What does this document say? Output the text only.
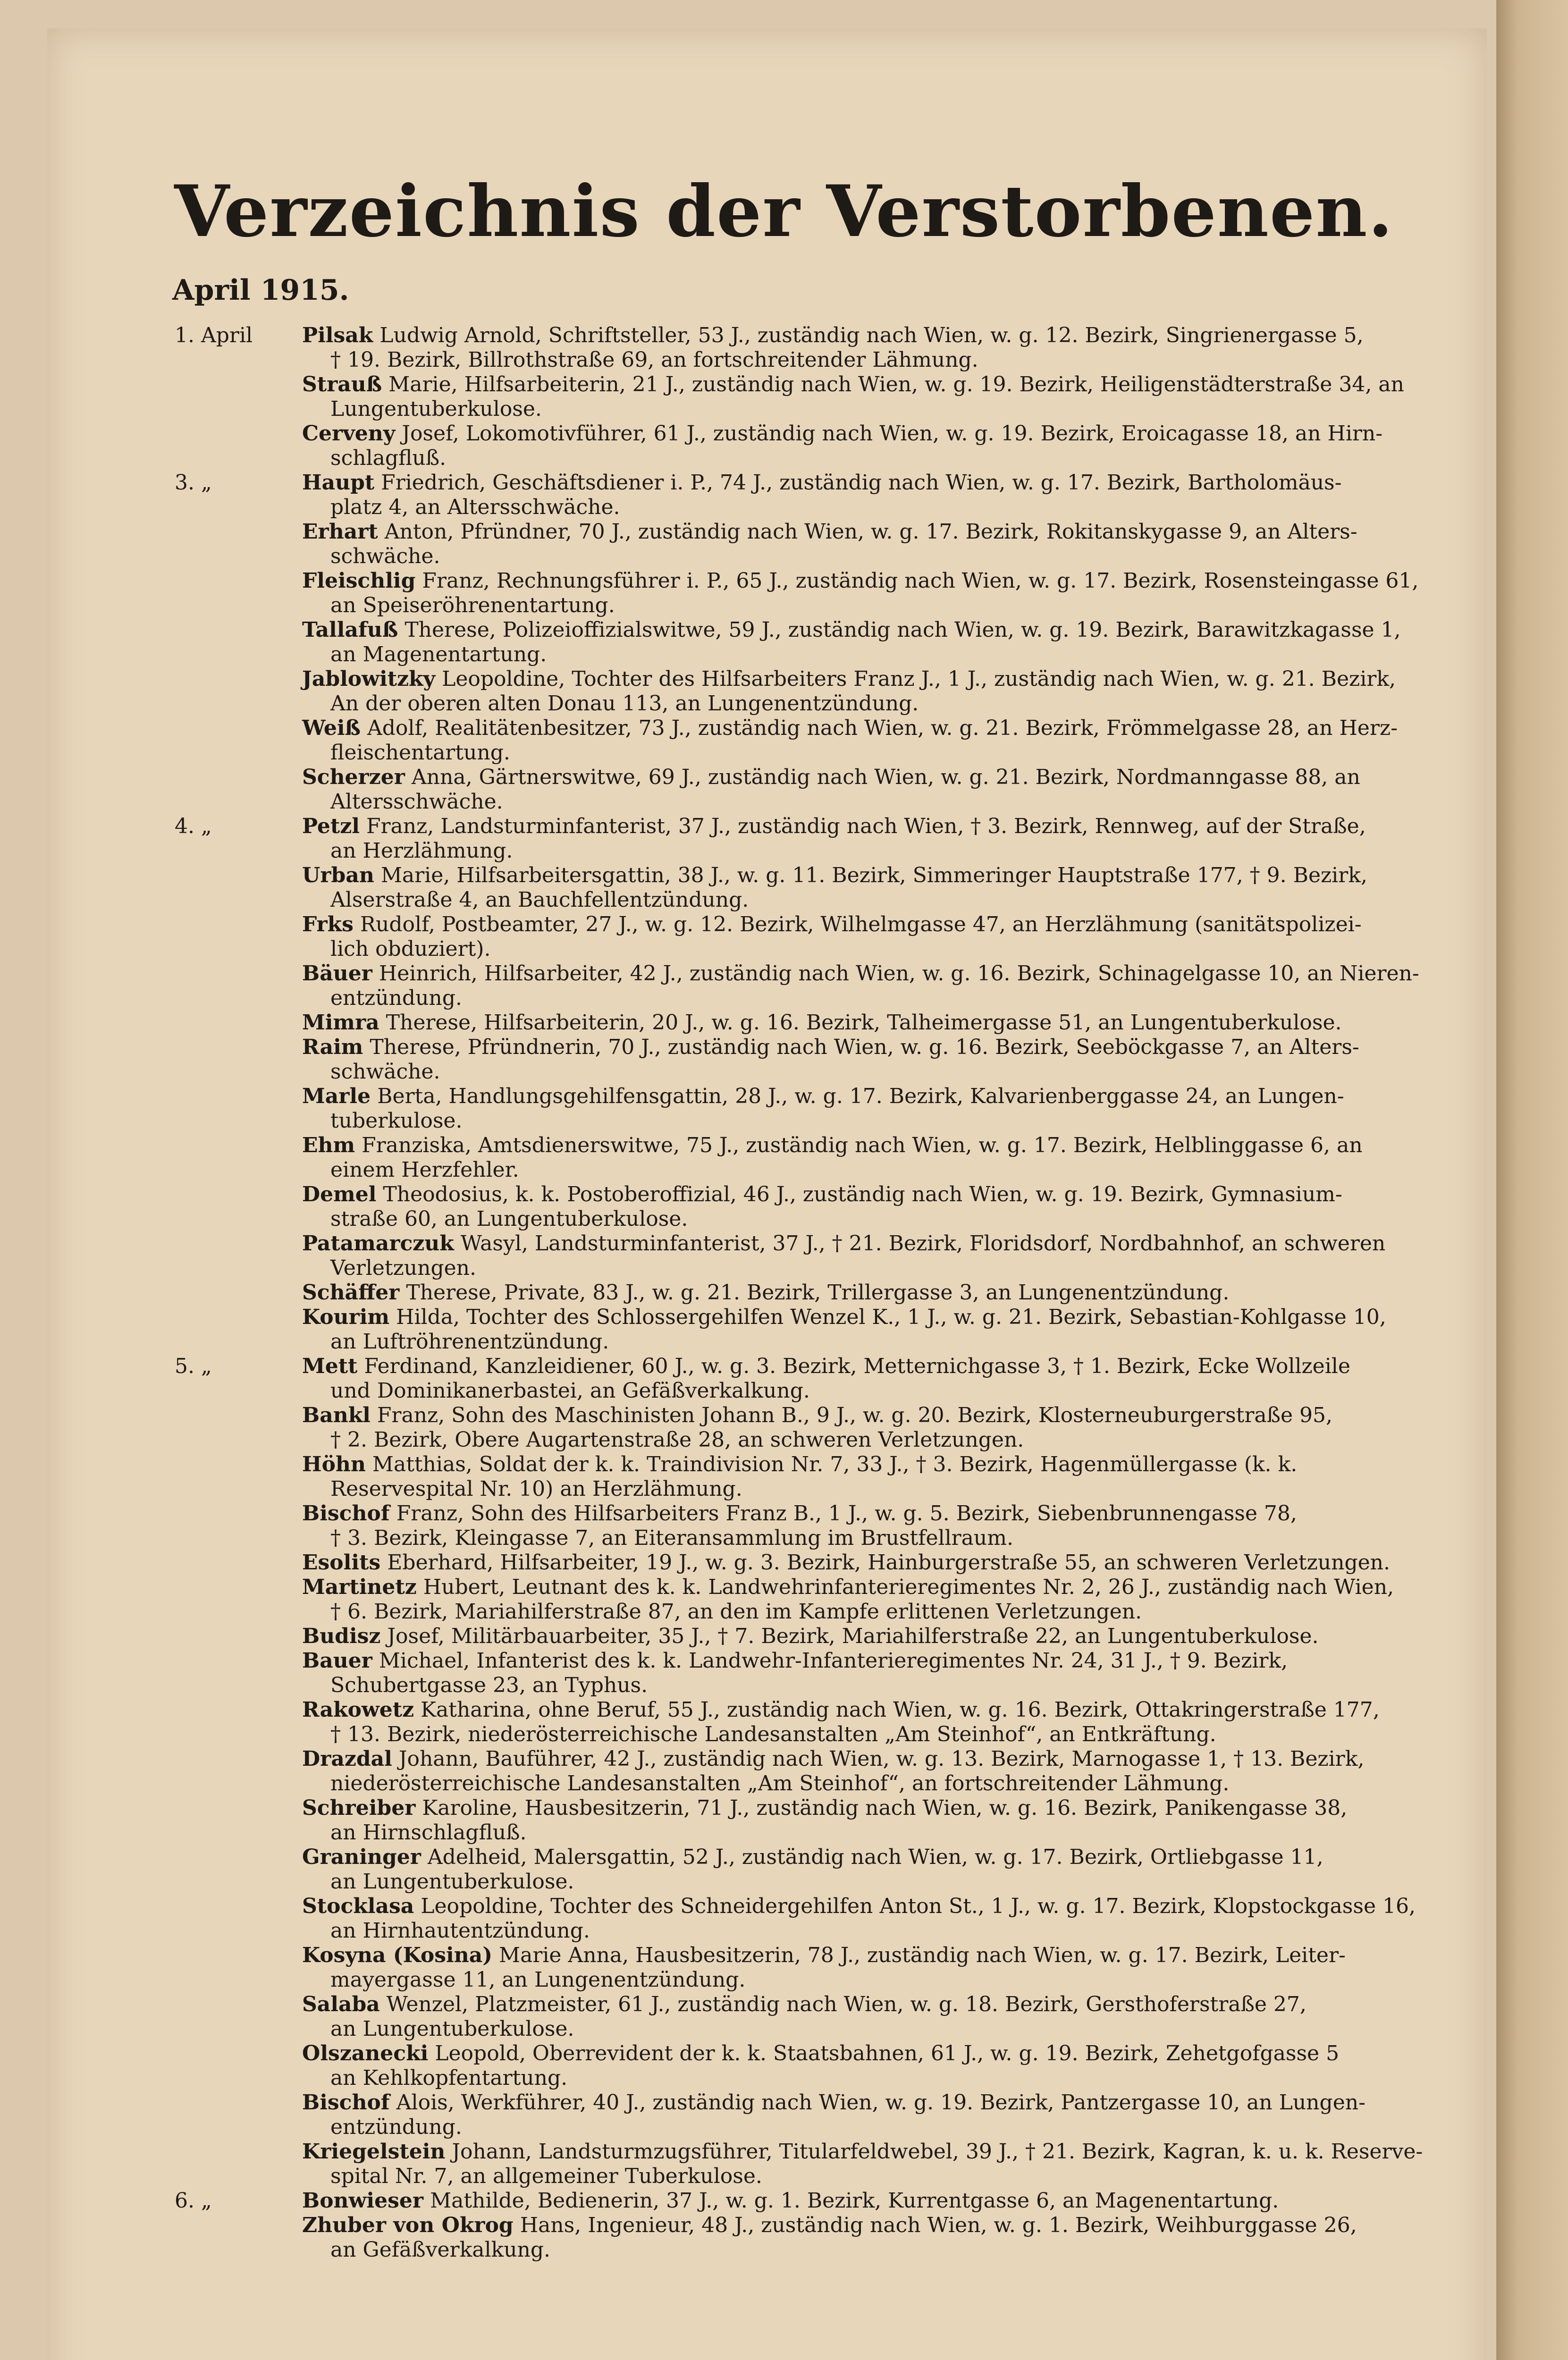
Verzeichnis der Verstorbenen.
April 1915.
1. April	Pilsak Ludwig Arnold, Schriftsteller, 53 J., zuständig nach Wien, w. g. 12. Bezirk, Singrienergasse 5,
† 19. Bezirk, Billrothstraße 69, an fortschreitender Lähmung.
Strauß Marie, Hilfsarbeiterin, 21 J., zuständig nach Wien, w. g. 19. Bezirk, Heiligenstädterstraße 34, an
Lungentuberkulose.
Cerveny Josef, Lokomotivführer, 61 J., zuständig nach Wien, w. g. 19. Bezirk, Eroicagasse 18, an Hirn-
schlagfluß.
3. „	Haupt Friedrich, Geschäftsdiener i. P., 74 J., zuständig nach Wien, w. g. 17. Bezirk, Bartholomäus-
platz 4, an Altersschwäche.
Erhart Anton, Pfründner, 70 J., zuständig nach Wien, w. g. 17. Bezirk, Rokitanskygasse 9, an Alters-
schwäche.
Fleischlig Franz, Rechnungsführer i. P., 65 J., zuständig nach Wien, w. g. 17. Bezirk, Rosensteingasse 61,
an Speiseröhrenentartung.
Tallafuß Therese, Polizeioffizialswitwe, 59 J., zuständig nach Wien, w. g. 19. Bezirk, Barawitzkagasse 1,
an Magenentartung.
Jablowitzky Leopoldine, Tochter des Hilfsarbeiters Franz J., 1 J., zuständig nach Wien, w. g. 21. Bezirk,
An der oberen alten Donau 113, an Lungenentzündung.
Weiß Adolf, Realitätenbesitzer, 73 J., zuständig nach Wien, w. g. 21. Bezirk, Frömmelgasse 28, an Herz-
fleischentartung.
Scherzer Anna, Gärtnerswitwe, 69 J., zuständig nach Wien, w. g. 21. Bezirk, Nordmanngasse 88, an
Altersschwäche.
4. „	Petzl Franz, Landsturminfanterist, 37 J., zuständig nach Wien, † 3. Bezirk, Rennweg, auf der Straße,
an Herzlähmung.
Urban Marie, Hilfsarbeitersgattin, 38 J., w. g. 11. Bezirk, Simmeringer Hauptstraße 177, † 9. Bezirk,
Alserstraße 4, an Bauchfellentzündung.
Frks Rudolf, Postbeamter, 27 J., w. g. 12. Bezirk, Wilhelmgasse 47, an Herzlähmung (sanitätspolizei-
lich obduziert).
Bäuer Heinrich, Hilfsarbeiter, 42 J., zuständig nach Wien, w. g. 16. Bezirk, Schinagelgasse 10, an Nieren-
entzündung.
Mimra Therese, Hilfsarbeiterin, 20 J., w. g. 16. Bezirk, Talheimergasse 51, an Lungentuberkulose.
Raim Therese, Pfründnerin, 70 J., zuständig nach Wien, w. g. 16. Bezirk, Seeböckgasse 7, an Alters-
schwäche.
Marle Berta, Handlungsgehilfensgattin, 28 J., w. g. 17. Bezirk, Kalvarienberggasse 24, an Lungen-
tuberkulose.
Ehm Franziska, Amtsdienerswitwe, 75 J., zuständig nach Wien, w. g. 17. Bezirk, Helblinggasse 6, an
einem Herzfehler.
Demel Theodosius, k. k. Postoberoffizial, 46 J., zuständig nach Wien, w. g. 19. Bezirk, Gymnasium-
straße 60, an Lungentuberkulose.
Patamarczuk Wasyl, Landsturminfanterist, 37 J., † 21. Bezirk, Floridsdorf, Nordbahnhof, an schweren
Verletzungen.
Schäffer Therese, Private, 83 J., w. g. 21. Bezirk, Trillergasse 3, an Lungenentzündung.
Kourim Hilda, Tochter des Schlossergehilfen Wenzel K., 1 J., w. g. 21. Bezirk, Sebastian-Kohlgasse 10,
an Luftröhrenentzündung.
5. „	Mett Ferdinand, Kanzleidiener, 60 J., w. g. 3. Bezirk, Metternichgasse 3, † 1. Bezirk, Ecke Wollzeile
und Dominikanerbastei, an Gefäßverkalkung.
Bankl Franz, Sohn des Maschinisten Johann B., 9 J., w. g. 20. Bezirk, Klosterneuburgerstraße 95,
† 2. Bezirk, Obere Augartenstraße 28, an schweren Verletzungen.
Höhn Matthias, Soldat der k. k. Traindivision Nr. 7, 33 J., † 3. Bezirk, Hagenmüllergasse (k. k.
Reservespital Nr. 10) an Herzlähmung.
Bischof Franz, Sohn des Hilfsarbeiters Franz B., 1 J., w. g. 5. Bezirk, Siebenbrunnengasse 78,
† 3. Bezirk, Kleingasse 7, an Eiteransammlung im Brustfellraum.
Esolits Eberhard, Hilfsarbeiter, 19 J., w. g. 3. Bezirk, Hainburgerstraße 55, an schweren Verletzungen.
Martinetz Hubert, Leutnant des k. k. Landwehrinfanterieregimentes Nr. 2, 26 J., zuständig nach Wien,
† 6. Bezirk, Mariahilferstraße 87, an den im Kampfe erlittenen Verletzungen.
Budisz Josef, Militärbauarbeiter, 35 J., † 7. Bezirk, Mariahilferstraße 22, an Lungentuberkulose.
Bauer Michael, Infanterist des k. k. Landwehr-Infanterieregimentes Nr. 24, 31 J., † 9. Bezirk,
Schubertgasse 23, an Typhus.
Rakowetz Katharina, ohne Beruf, 55 J., zuständig nach Wien, w. g. 16. Bezirk, Ottakringerstraße 177,
† 13. Bezirk, niederösterreichische Landesanstalten „Am Steinhof“, an Entkräftung.
Drazdal Johann, Bauführer, 42 J., zuständig nach Wien, w. g. 13. Bezirk, Marnogasse 1, † 13. Bezirk,
niederösterreichische Landesanstalten „Am Steinhof“, an fortschreitender Lähmung.
Schreiber Karoline, Hausbesitzerin, 71 J., zuständig nach Wien, w. g. 16. Bezirk, Panikengasse 38,
an Hirnschlagfluß.
Graninger Adelheid, Malersgattin, 52 J., zuständig nach Wien, w. g. 17. Bezirk, Ortliebgasse 11,
an Lungentuberkulose.
Stocklasa Leopoldine, Tochter des Schneidergehilfen Anton St., 1 J., w. g. 17. Bezirk, Klopstockgasse 16,
an Hirnhautentzündung.
Kosyna (Kosina) Marie Anna, Hausbesitzerin, 78 J., zuständig nach Wien, w. g. 17. Bezirk, Leiter-
mayergasse 11, an Lungenentzündung.
Salaba Wenzel, Platzmeister, 61 J., zuständig nach Wien, w. g. 18. Bezirk, Gersthoferstraße 27,
an Lungentuberkulose.
Olszanecki Leopold, Oberrevident der k. k. Staatsbahnen, 61 J., w. g. 19. Bezirk, Zehetgofgasse 5
an Kehlkopfentartung.
Bischof Alois, Werkführer, 40 J., zuständig nach Wien, w. g. 19. Bezirk, Pantzergasse 10, an Lungen-
entzündung.
Kriegelstein Johann, Landsturmzugsführer, Titularfeldwebel, 39 J., † 21. Bezirk, Kagran, k. u. k. Reserve-
spital Nr. 7, an allgemeiner Tuberkulose.
6. „	Bonwieser Mathilde, Bedienerin, 37 J., w. g. 1. Bezirk, Kurrentgasse 6, an Magenentartung.
Zhuber von Okrog Hans, Ingenieur, 48 J., zuständig nach Wien, w. g. 1. Bezirk, Weihburggasse 26,
an Gefäßverkalkung.
